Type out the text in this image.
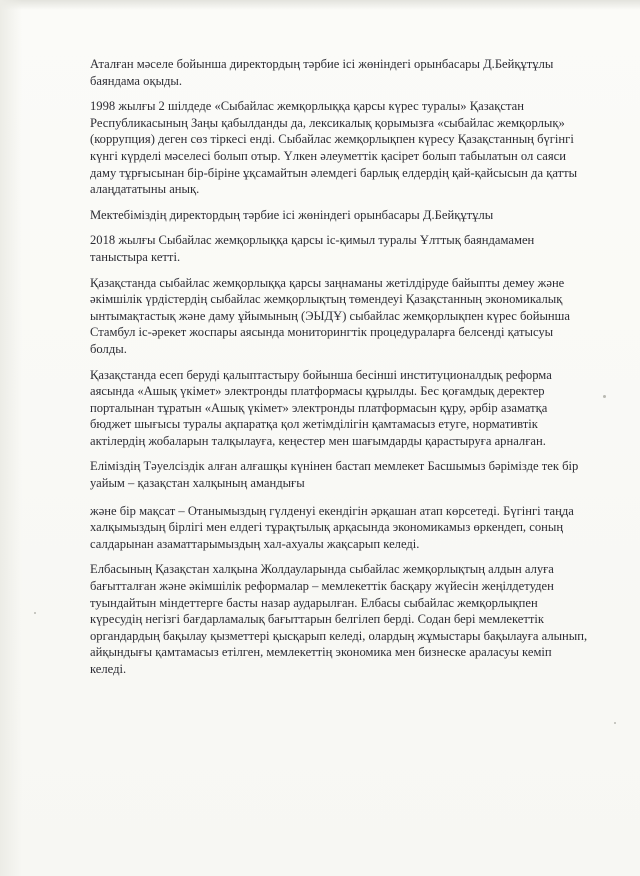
Аталған мәселе бойынша директордың тәрбие ісі жөніндегі орынбасары Д.Бейқұтұлы баяндама оқыды.

1998 жылғы 2 шілдеде «Сыбайлас жемқорлыққа қарсы күрес туралы» Қазақстан Республикасының Заңы қабылданды да, лексикалық қорымызға «сыбайлас жемқорлық» (коррупция) деген сөз тіркесі енді. Сыбайлас жемқорлықпен күресу Қазақстанның бүгінгі күнгі күрделі мәселесі болып отыр. Үлкен әлеуметтік қасірет болып табылатын ол саяси даму тұрғысынан бір-біріне ұқсамайтын әлемдегі барлық елдердің қай-қайсысын да қатты алаңдататыны анық.

Мектебіміздің директордың тәрбие ісі жөніндегі орынбасары Д.Бейқұтұлы

2018 жылғы Сыбайлас жемқорлыққа қарсы іс-қимыл туралы Ұлттық баяндамамен таныстыра кетті.

Қазақстанда сыбайлас жемқорлыққа қарсы заңнаманы жетілдіруде байыпты демеу және әкімшілік үрдістердің сыбайлас жемқорлықтың төмендеуі Қазақстанның экономикалық ынтымақтастық және даму ұйымының (ЭЫДҰ) сыбайлас жемқорлықпен күрес бойынша Стамбул іс-әрекет жоспары аясында мониторингтік процедураларға белсенді қатысуы болды.

Қазақстанда есеп беруді қалыптастыру бойынша бесінші институционалдық реформа аясында «Ашық үкімет» электронды платформасы құрылды. Бес қоғамдық деректер порталынан тұратын «Ашық үкімет» электронды платформасын құру, әрбір азаматқа бюджет шығысы туралы ақпаратқа қол жетімділігін қамтамасыз етуге, нормативтік актілердің жобаларын талқылауға, кеңестер мен шағымдарды қарастыруға арналған.

Еліміздің Тәуелсіздік алған алғашқы күнінен бастап мемлекет Басшымыз бәрімізде тек бір уайым – қазақстан халқының амандығы

және бір мақсат – Отанымыздың гүлденуі екендігін әрқашан атап көрсетеді. Бүгінгі таңда халқымыздың бірлігі мен елдегі тұрақтылық арқасында экономикамыз өркендеп, соның салдарынан азаматтарымыздың хал-ахуалы жақсарып келеді.

Елбасының Қазақстан халқына Жолдауларында сыбайлас жемқорлықтың алдын алуға бағытталған және әкімшілік реформалар – мемлекеттік басқару жүйесін жеңілдетуден туындайтын міндеттерге басты назар аударылған. Елбасы сыбайлас жемқорлықпен күресудің негізгі бағдарламалық бағыттарын белгілеп берді. Содан бері мемлекеттік органдардың бақылау қызметтері қысқарып келеді, олардың жұмыстары бақылауға алынып, айқындығы қамтамасыз етілген, мемлекеттің экономика мен бизнеске араласуы кеміп келеді.
